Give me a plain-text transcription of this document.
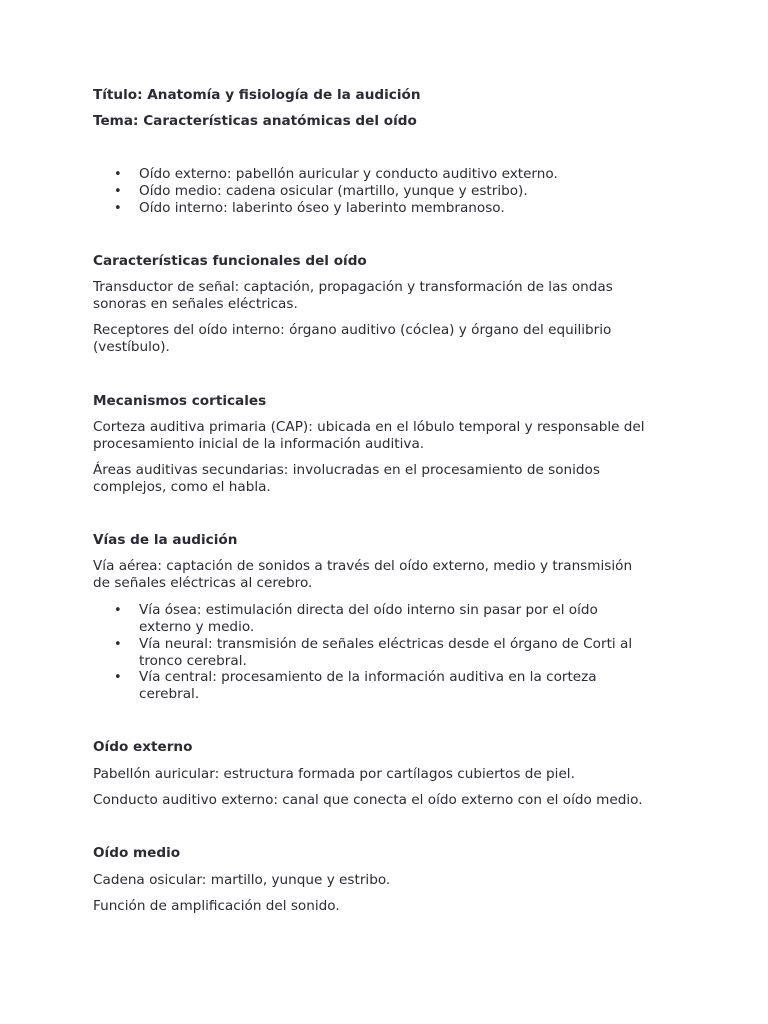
Título: Anatomía y fisiología de la audición
Tema: Características anatómicas del oído
• Oído externo: pabellón auricular y conducto auditivo externo.
• Oído medio: cadena osicular (martillo, yunque y estribo).
• Oído interno: laberinto óseo y laberinto membranoso.
Características funcionales del oído
Transductor de señal: captación, propagación y transformación de las ondas
sonoras en señales eléctricas.
Receptores del oído interno: órgano auditivo (cóclea) y órgano del equilibrio
(vestíbulo).
Mecanismos corticales
Corteza auditiva primaria (CAP): ubicada en el lóbulo temporal y responsable del
procesamiento inicial de la información auditiva.
Áreas auditivas secundarias: involucradas en el procesamiento de sonidos
complejos, como el habla.
Vías de la audición
Vía aérea: captación de sonidos a través del oído externo, medio y transmisión
de señales eléctricas al cerebro.
• Vía ósea: estimulación directa del oído interno sin pasar por el oído
externo y medio.
• Vía neural: transmisión de señales eléctricas desde el órgano de Corti al
tronco cerebral.
• Vía central: procesamiento de la información auditiva en la corteza
cerebral.
Oído externo
Pabellón auricular: estructura formada por cartílagos cubiertos de piel.
Conducto auditivo externo: canal que conecta el oído externo con el oído medio.
Oído medio
Cadena osicular: martillo, yunque y estribo.
Función de amplificación del sonido.
